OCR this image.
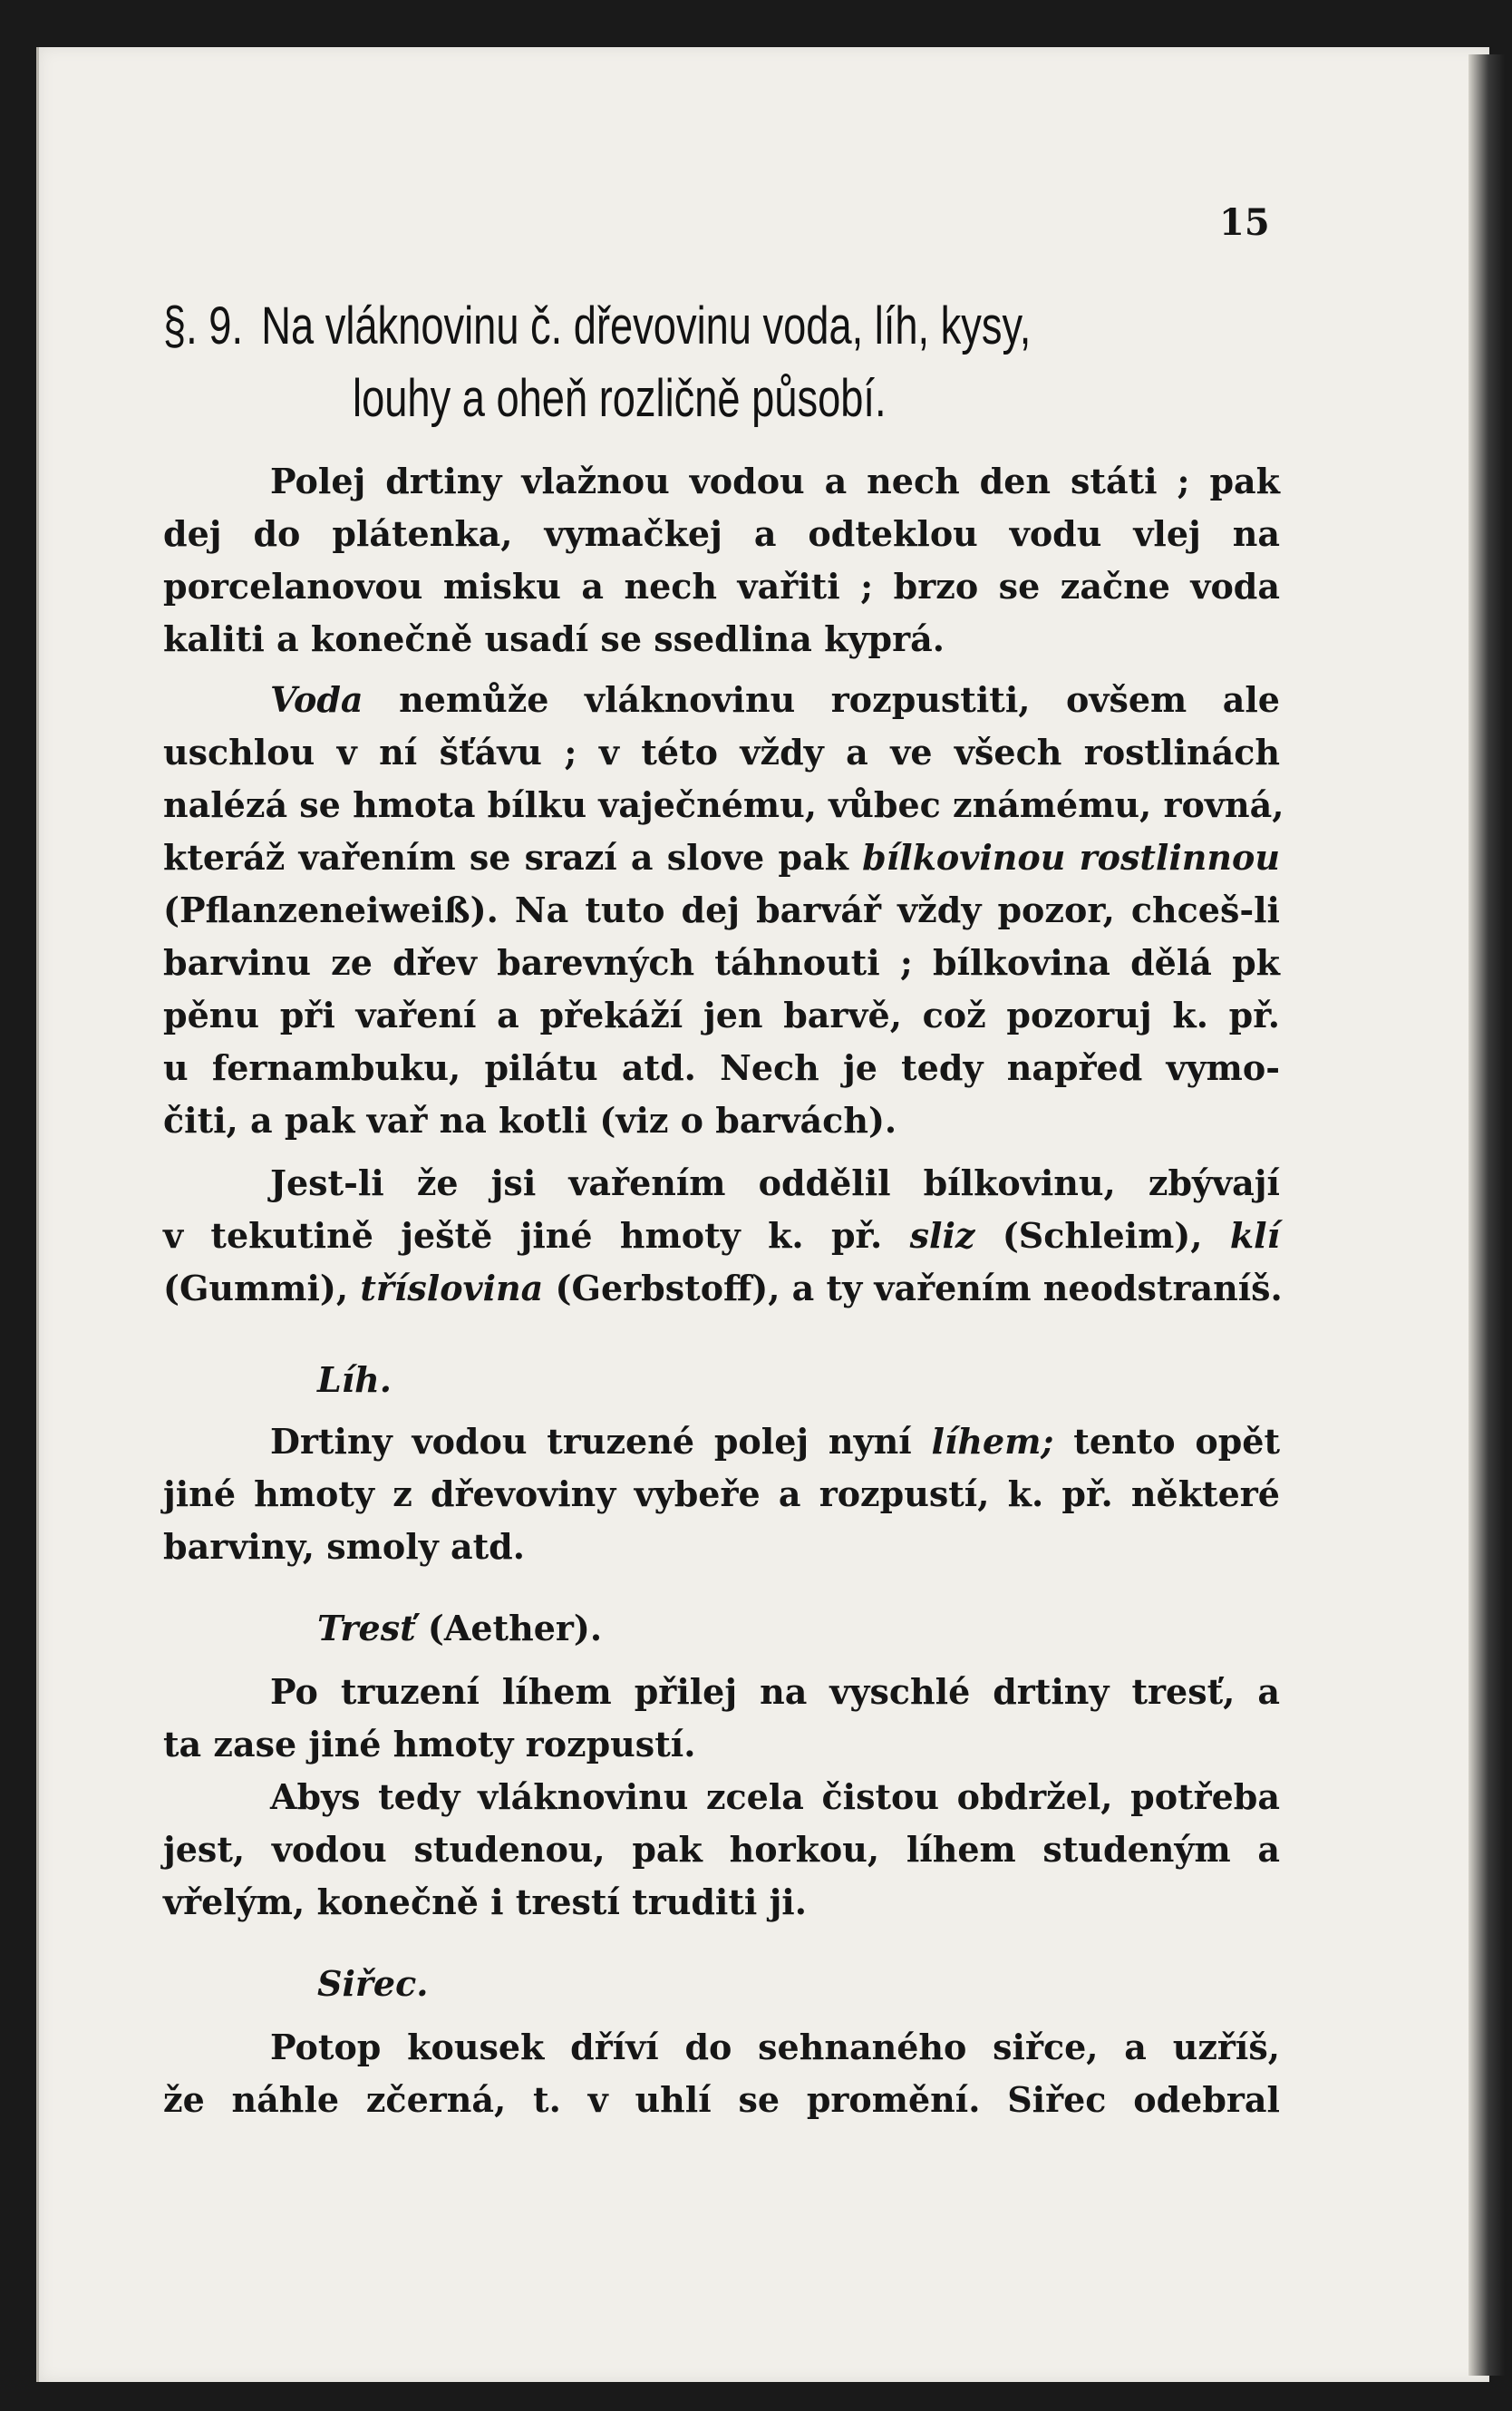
15
§. 9. Na vláknovinu č. dřevovinu voda, líh, kysy,
louhy a oheň rozličně působí.
Polej drtiny vlažnou vodou a nech den státi ; pak
dej do plátenka, vymačkej a odteklou vodu vlej na
porcelanovou misku a nech vařiti ; brzo se začne voda
kaliti a konečně usadí se ssedlina kyprá.
Voda nemůže vláknovinu rozpustiti, ovšem ale
uschlou v ní šťávu ; v této vždy a ve všech rostlinách
nalézá se hmota bílku vaječnému, vůbec známému, rovná,
kteráž vařením se srazí a slove pak bílkovinou rostlinnou
(Pflanzeneiweiß). Na tuto dej barvář vždy pozor, chceš-li
barvinu ze dřev barevných táhnouti ; bílkovina dělá pk
pěnu při vaření a překáží jen barvě, což pozoruj k. př.
u fernambuku, pilátu atd. Nech je tedy napřed vymo-
čiti, a pak vař na kotli (viz o barvách).
Jest-li že jsi vařením oddělil bílkovinu, zbývají
v tekutině ještě jiné hmoty k. př. sliz (Schleim), klí
(Gummi), tříslovina (Gerbstoff), a ty vařením neodstraníš.
Líh.
Drtiny vodou truzené polej nyní líhem; tento opět
jiné hmoty z dřevoviny vybeře a rozpustí, k. př. některé
barviny, smoly atd.
Tresť (Aether).
Po truzení líhem přilej na vyschlé drtiny tresť, a
ta zase jiné hmoty rozpustí.
Abys tedy vláknovinu zcela čistou obdržel, potřeba
jest, vodou studenou, pak horkou, líhem studeným a
vřelým, konečně i trestí truditi ji.
Siřec.
Potop kousek dříví do sehnaného siřce, a uzříš,
že náhle zčerná, t. v uhlí se promění. Siřec odebral
